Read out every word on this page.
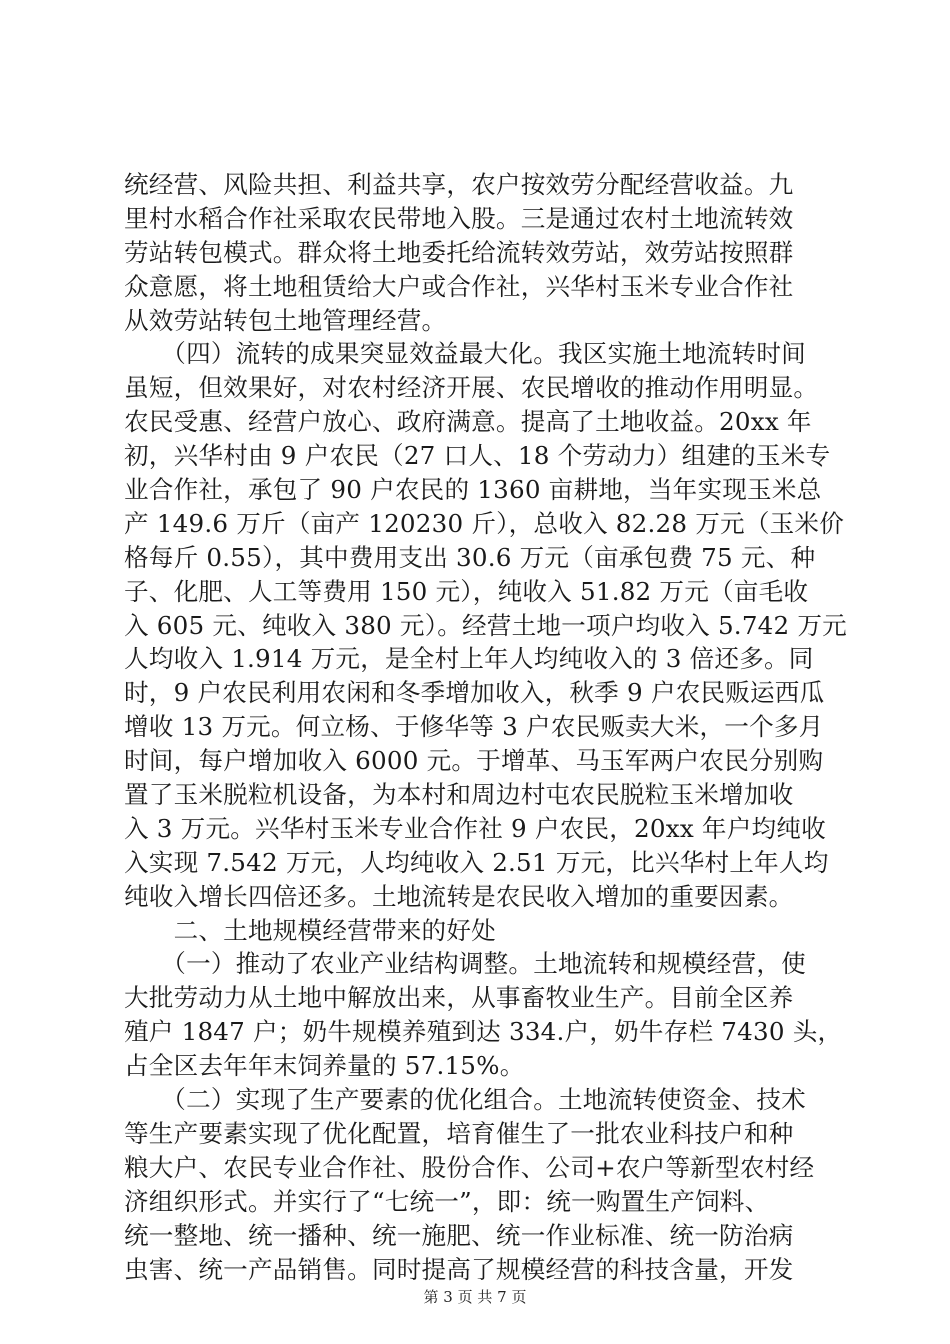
统经营、风险共担、利益共享，农户按效劳分配经营收益。九
里村水稻合作社采取农民带地入股。三是通过农村土地流转效
劳站转包模式。群众将土地委托给流转效劳站，效劳站按照群
众意愿，将土地租赁给大户或合作社，兴华村玉米专业合作社
从效劳站转包土地管理经营。
　　（四）流转的成果突显效益最大化。我区实施土地流转时间
虽短，但效果好，对农村经济开展、农民增收的推动作用明显。
农民受惠、经营户放心、政府满意。提高了土地收益。20xx 年
初，兴华村由 9 户农民（27 口人、18 个劳动力）组建的玉米专
业合作社，承包了 90 户农民的 1360 亩耕地，当年实现玉米总
产 149.6 万斤（亩产 120230 斤），总收入 82.28 万元（玉米价
格每斤 0.55），其中费用支出 30.6 万元（亩承包费 75 元、种
子、化肥、人工等费用 150 元），纯收入 51.82 万元（亩毛收
入 605 元、纯收入 380 元）。经营土地一项户均收入 5.742 万元
人均收入 1.914 万元，是全村上年人均纯收入的 3 倍还多。同
时，9 户农民利用农闲和冬季增加收入，秋季 9 户农民贩运西瓜
增收 13 万元。何立杨、于修华等 3 户农民贩卖大米，一个多月
时间，每户增加收入 6000 元。于增革、马玉军两户农民分别购
置了玉米脱粒机设备，为本村和周边村屯农民脱粒玉米增加收
入 3 万元。兴华村玉米专业合作社 9 户农民，20xx 年户均纯收
入实现 7.542 万元，人均纯收入 2.51 万元，比兴华村上年人均
纯收入增长四倍还多。土地流转是农民收入增加的重要因素。
　　二、土地规模经营带来的好处
　　（一）推动了农业产业结构调整。土地流转和规模经营，使
大批劳动力从土地中解放出来，从事畜牧业生产。目前全区养
殖户 1847 户；奶牛规模养殖到达 334.户，奶牛存栏 7430 头，
占全区去年年末饲养量的 57.15%。
　　（二）实现了生产要素的优化组合。土地流转使资金、技术
等生产要素实现了优化配置，培育催生了一批农业科技户和种
粮大户、农民专业合作社、股份合作、公司+农户等新型农村经
济组织形式。并实行了“七统一”，即：统一购置生产饲料、
统一整地、统一播种、统一施肥、统一作业标准、统一防治病
虫害、统一产品销售。同时提高了规模经营的科技含量，开发
第 3 页 共 7 页
